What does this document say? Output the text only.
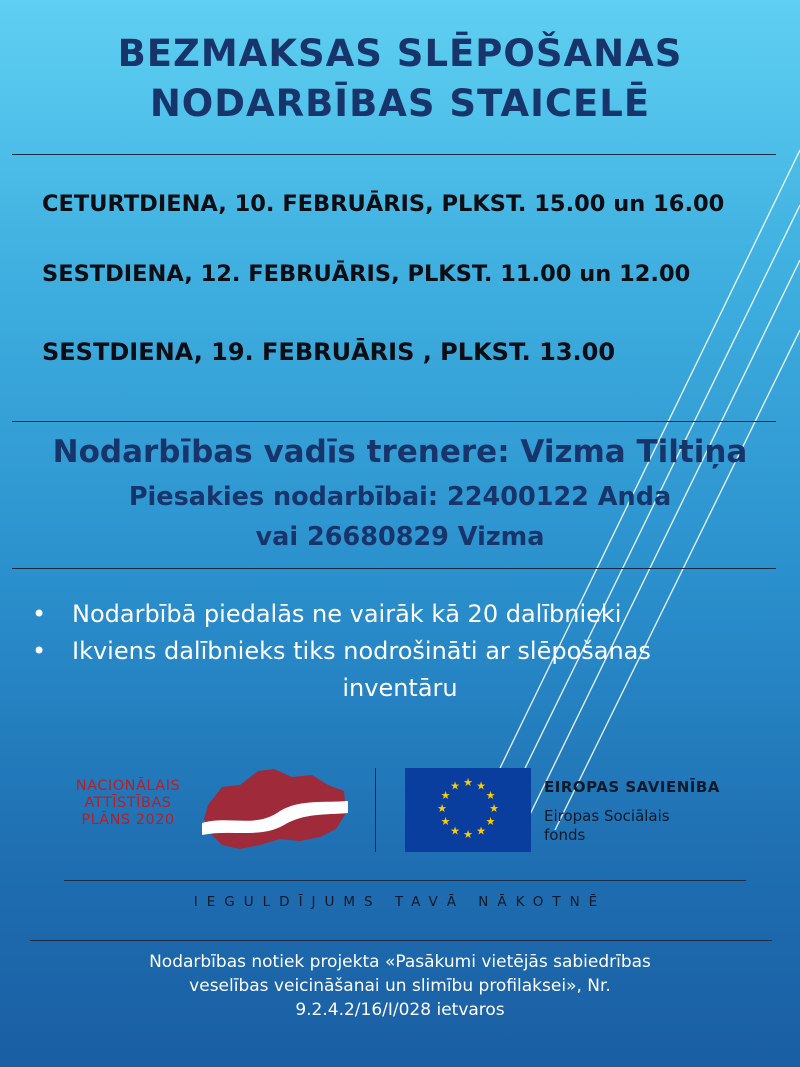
BEZMAKSAS SLĒPOŠANAS
NODARBĪBAS STAICELĒ
CETURTDIENA, 10. FEBRUĀRIS, PLKST. 15.00 un 16.00
SESTDIENA, 12. FEBRUĀRIS, PLKST. 11.00 un 12.00
SESTDIENA, 19. FEBRUĀRIS , PLKST. 13.00
Nodarbības vadīs trenere: Vizma Tiltiņa
Piesakies nodarbībai: 22400122 Anda
vai 26680829 Vizma
• Nodarbībā piedalās ne vairāk kā 20 dalībnieki
• Ikviens dalībnieks tiks nodrošināti ar slēpošanas
inventāru
NACIONĀLAIS
ATTĪSTĪBAS
PLĀNS 2020
★ ★
★
★
★
★
★
★
★
★
★
★	EIROPAS SAVIENĪBA
Eiropas Sociālais
fonds
IEGULDĪJUMS TAVĀ NĀKOTNĒ
Nodarbības notiek projekta «Pasākumi vietējās sabiedrības
veselības veicināšanai un slimību profilaksei», Nr.
9.2.4.2/16/I/028 ietvaros
